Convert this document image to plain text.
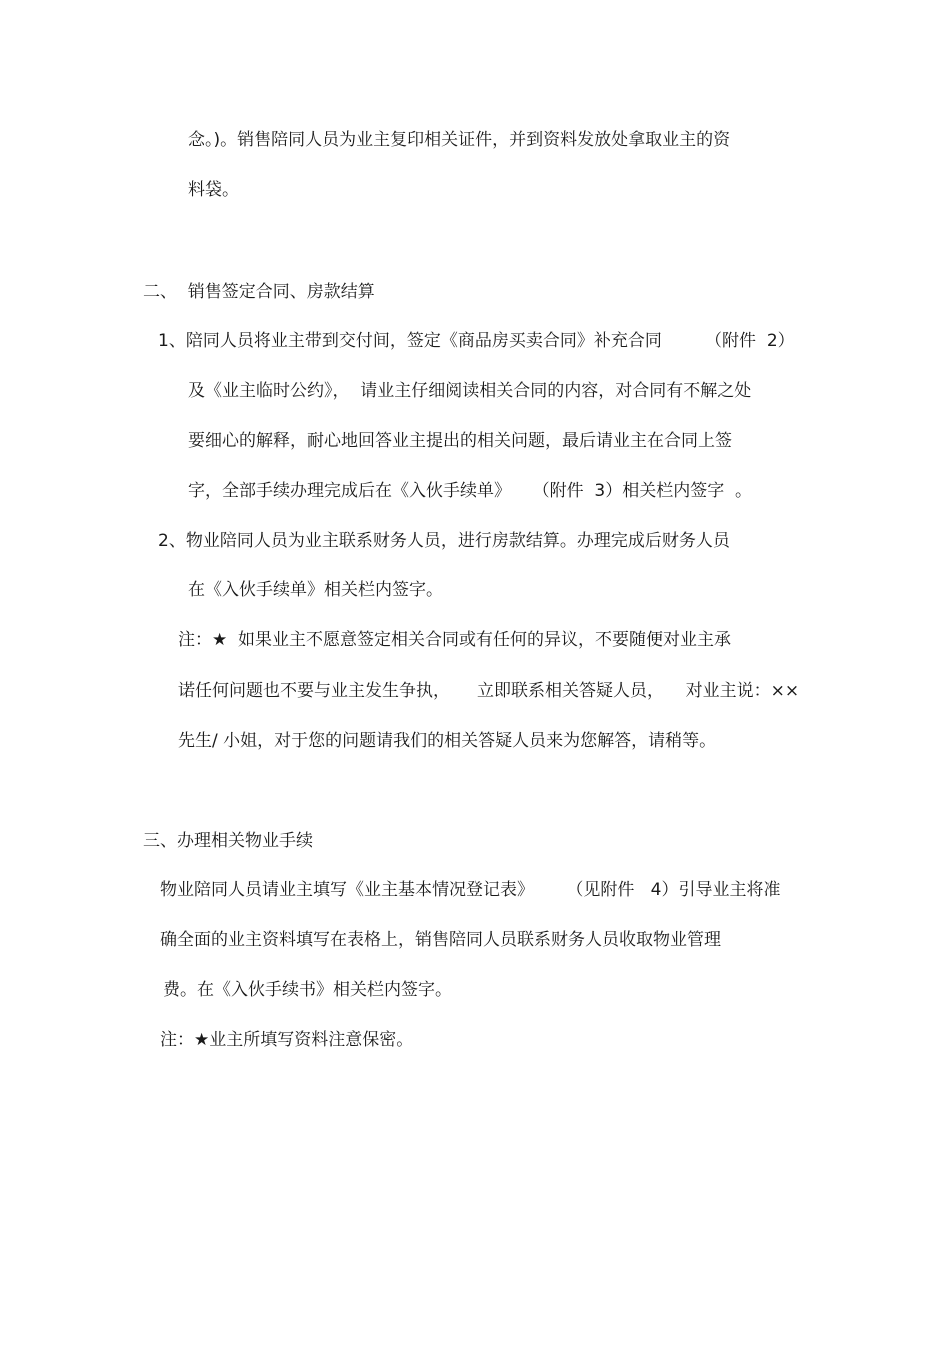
念。)。销售陪同人员为业主复印相关证件，并到资料发放处拿取业主的资
料袋。
二、  销售签定合同、房款结算
1、陪同人员将业主带到交付间，签定《商品房买卖合同》补充合同        （附件  2）
及《业主临时公约》，  请业主仔细阅读相关合同的内容，对合同有不解之处
要细心的解释，耐心地回答业主提出的相关问题，最后请业主在合同上签
字，全部手续办理完成后在《入伙手续单》    （附件  3）相关栏内签字  。
2、物业陪同人员为业主联系财务人员，进行房款结算。办理完成后财务人员
在《入伙手续单》相关栏内签字。
注：★  如果业主不愿意签定相关合同或有任何的异议，不要随便对业主承
诺任何问题也不要与业主发生争执，     立即联系相关答疑人员，    对业主说：××
先生/ 小姐，对于您的问题请我们的相关答疑人员来为您解答，请稍等。
三、办理相关物业手续
物业陪同人员请业主填写《业主基本情况登记表》      （见附件   4）引导业主将准
确全面的业主资料填写在表格上，销售陪同人员联系财务人员收取物业管理
费。在《入伙手续书》相关栏内签字。
注：★业主所填写资料注意保密。
